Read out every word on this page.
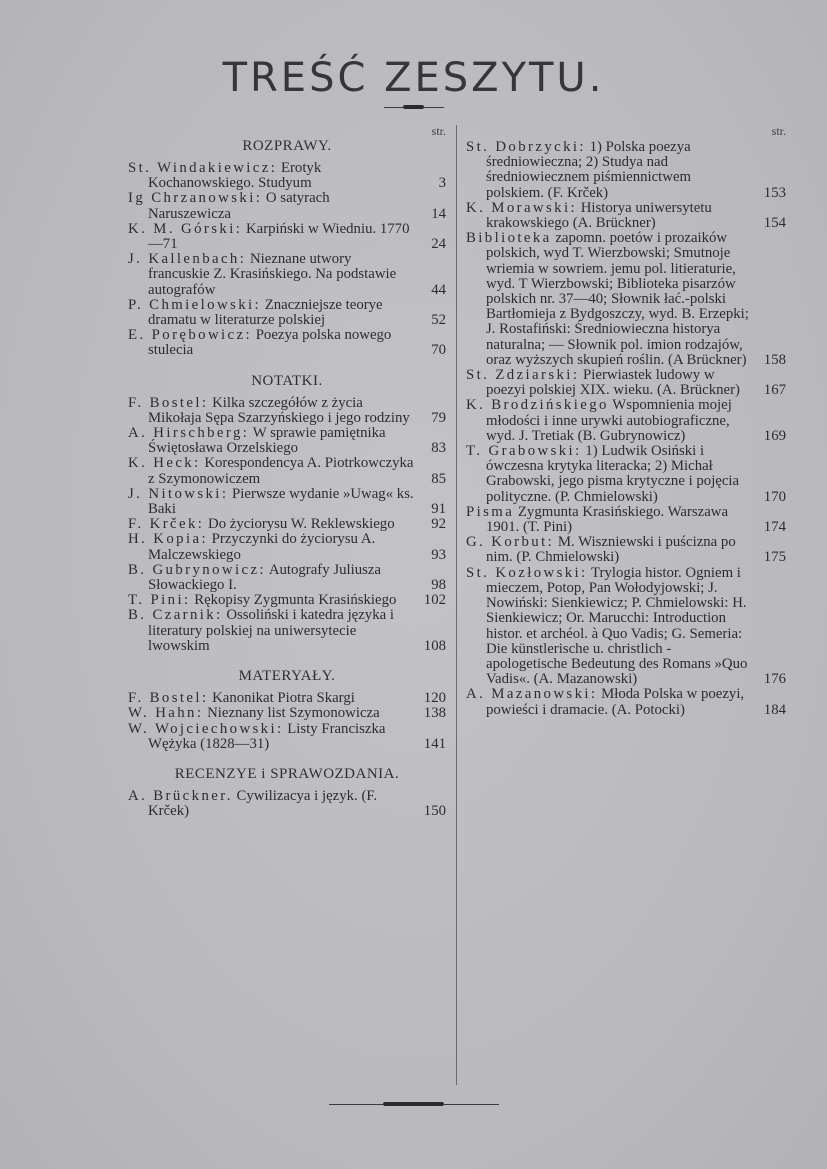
TREŚĆ ZESZYTU.
str.
ROZPRAWY.

St. Windakiewicz: Erotyk Kochanowskiego. Studyum	3

Ig Chrzanowski: O satyrach Naruszewicza	14

K. M. Górski: Karpiński w Wiedniu. 1770—71	24

J. Kallenbach: Nieznane utwory francuskie Z. Krasińskiego. Na podstawie autografów	44

P. Chmielowski: Znaczniejsze teorye dramatu w literaturze polskiej	52

E. Porębowicz: Poezya polska nowego stulecia	70

NOTATKI.

F. Bostel: Kilka szczegółów z życia Mikołaja Sępa Szarzyńskiego i jego rodziny 79

A. Hirschberg: W sprawie pamiętnika Świętosława Orzelskiego	83

K. Heck: Korespondencya A. Piotrkowczyka z Szymonowiczem	85

J. Nitowski: Pierwsze wydanie »Uwag« ks. Baki	91

F. Krček: Do życiorysu W. Reklewskiego 92

H. Kopia: Przyczynki do życiorysu A. Malczewskiego	93

B. Gubrynowicz: Autografy Juliusza Słowackiego I.	98

T. Pini: Rękopisy Zygmunta Krasińskiego 102

B. Czarnik: Ossoliński i katedra języka i literatury polskiej na uniwersytecie lwowskim	108

MATERYAŁY.

F. Bostel: Kanonikat Piotra Skargi	120

W. Hahn: Nieznany list Szymonowicza	138

W. Wojciechowski: Listy Franciszka Wężyka (1828—31)	141

RECENZYE i SPRAWOZDANIA.

A. Brückner. Cywilizacya i język. (F. Krček)	150

str.

St. Dobrzycki: 1) Polska poezya średniowieczna; 2) Studya nad średniowiecznem piśmiennictwem polskiem. (F. Krček)	153

K. Morawski: Historya uniwersytetu krakowskiego (A. Brückner)	154

Biblioteka zapomn. poetów i prozaików polskich, wyd T. Wierzbowski; Smutnoje wriemia w sowriem. jemu pol. litieraturie, wyd. T Wierzbowski; Biblioteka pisarzów polskich nr. 37—40; Słownik łać.-polski Bartłomieja z Bydgoszczy, wyd. B. Erzepki; J. Rostafiński: Średniowieczna historya naturalna; — Słownik pol. imion rodzajów, oraz wyższych skupień roślin. (A Brückner) 158

St. Zdziarski: Pierwiastek ludowy w poezyi polskiej XIX. wieku. (A. Brückner) 167

K. Brodzińskiego Wspomnienia mojej młodości i inne urywki autobiograficzne, wyd. J. Tretiak (B. Gubrynowicz)	169

T. Grabowski: 1) Ludwik Osiński i ówczesna krytyka literacka; 2) Michał Grabowski, jego pisma krytyczne i pojęcia polityczne. (P. Chmielowski)	170

Pisma Zygmunta Krasińskiego. Warszawa 1901. (T. Pini)	174

G. Korbut: M. Wiszniewski i puścizna po nim. (P. Chmielowski)	175

St. Kozłowski: Trylogia histor. Ogniem i mieczem, Potop, Pan Wołodyjowski; J. Nowiński: Sienkiewicz; P. Chmielowski: H. Sienkiewicz; Or. Marucchi: Introduction histor. et archéol. à Quo Vadis; G. Semeria: Die künstlerische u. christlich - apologetische Bedeutung des Romans »Quo Vadis«. (A. Mazanowski)	176

A. Mazanowski: Młoda Polska w poezyi, powieści i dramacie. (A. Potocki)	184
